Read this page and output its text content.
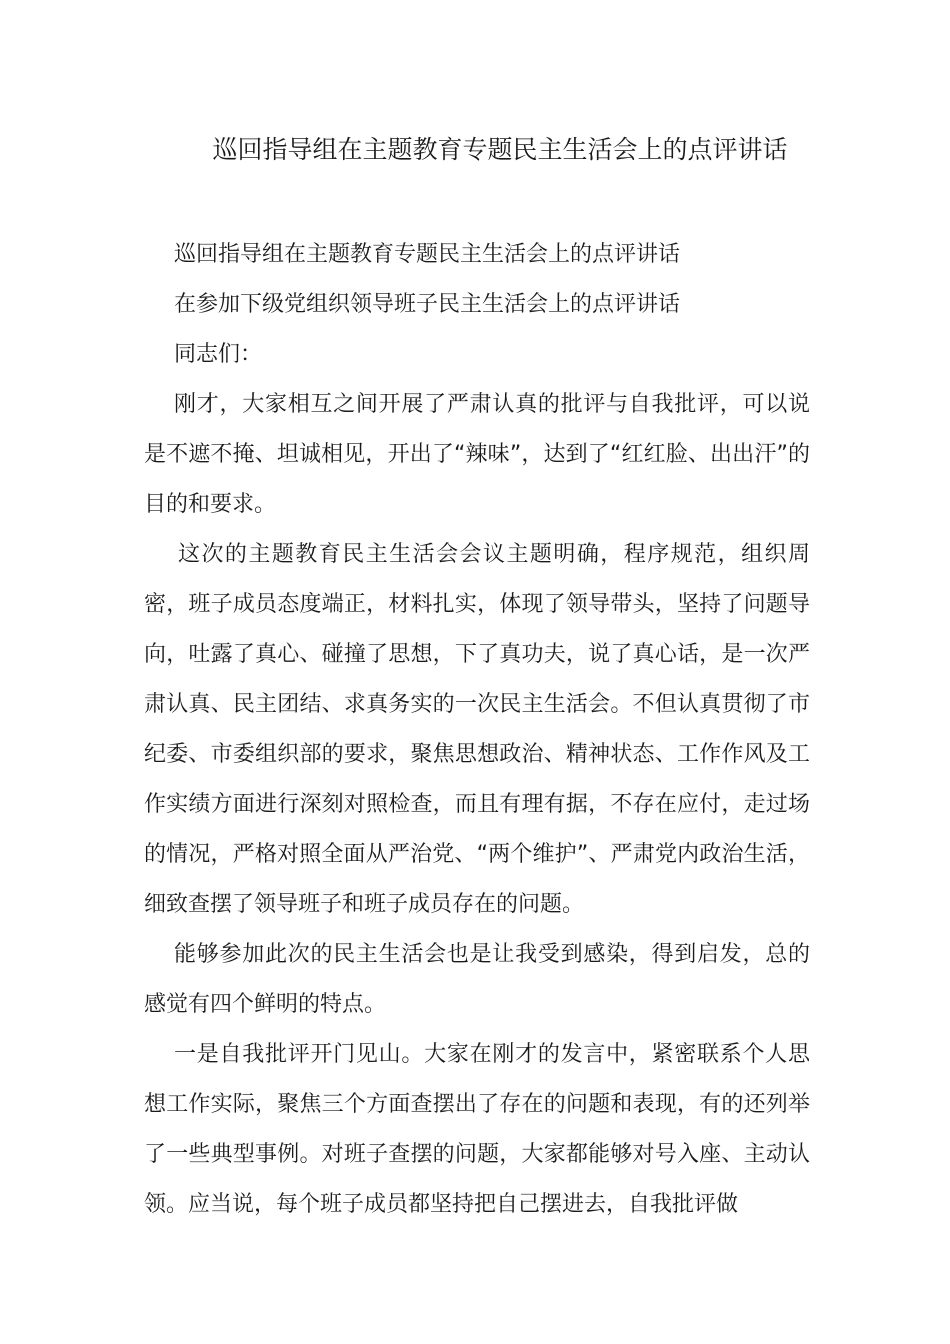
巡回指导组在主题教育专题民主生活会上的点评讲话

巡回指导组在主题教育专题民主生活会上的点评讲话

在参加下级党组织领导班子民主生活会上的点评讲话

同志们：

刚才，大家相互之间开展了严肃认真的批评与自我批评，可以说是不遮不掩、坦诚相见，开出了“辣味”，达到了“红红脸、出出汗”的目的和要求。

这次的主题教育民主生活会会议主题明确，程序规范，组织周密，班子成员态度端正，材料扎实，体现了领导带头，坚持了问题导向，吐露了真心、碰撞了思想，下了真功夫，说了真心话，是一次严肃认真、民主团结、求真务实的一次民主生活会。不但认真贯彻了市纪委、市委组织部的要求，聚焦思想政治、精神状态、工作作风及工作实绩方面进行深刻对照检查，而且有理有据，不存在应付，走过场的情况，严格对照全面从严治党、“两个维护”、严肃党内政治生活，细致查摆了领导班子和班子成员存在的问题。

能够参加此次的民主生活会也是让我受到感染，得到启发，总的感觉有四个鲜明的特点。

一是自我批评开门见山。大家在刚才的发言中，紧密联系个人思想工作实际，聚焦三个方面查摆出了存在的问题和表现，有的还列举了一些典型事例。对班子查摆的问题，大家都能够对号入座、主动认领。应当说，每个班子成员都坚持把自己摆进去，自我批评做
